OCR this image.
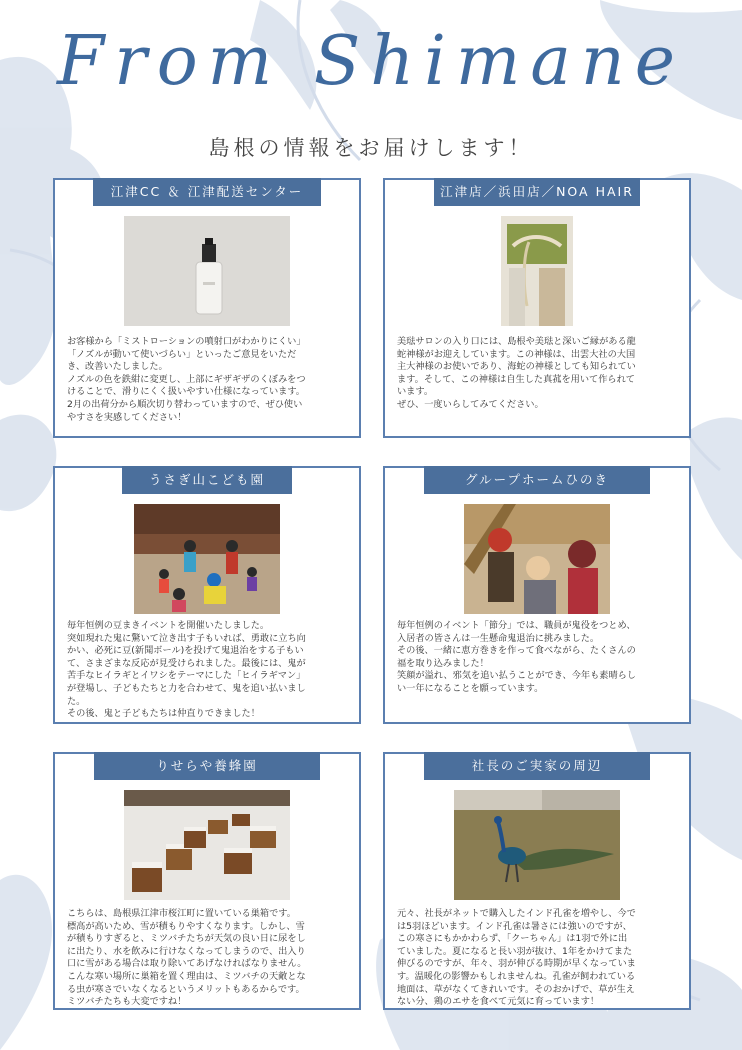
From Shimane
島根の情報をお届けします！
江津CC ＆ 江津配送センター

お客様から「ミストローションの噴射口がわかりにくい」

「ノズルが動いて使いづらい」といったご意見をいただ

き、改善いたしました。

ノズルの色を鉄紺に変更し、上部にギザギザのくぼみをつ

けることで、滑りにくく扱いやすい仕様になっています。

2月の出荷分から順次切り替わっていますので、ぜひ使い

やすさを実感してください！

江津店／浜田店／NOA HAIR

美琺サロンの入り口には、島根や美琺と深いご縁がある龍

蛇神様がお迎えしています。この神様は、出雲大社の大国

主大神様のお使いであり、海蛇の神様としても知られてい

ます。そして、この神様は自生した真菰を用いて作られて

います。

ぜひ、一度いらしてみてください。

うさぎ山こども園

毎年恒例の豆まきイベントを開催いたしました。

突如現れた鬼に驚いて泣き出す子もいれば、勇敢に立ち向

かい、必死に豆(新聞ボール)を投げて鬼退治をする子もい

て、さまざまな反応が見受けられました。最後には、鬼が

苦手なヒイラギとイワシをテーマにした「ヒイラギマン」

が登場し、子どもたちと力を合わせて、鬼を追い払いまし

た。

その後、鬼と子どもたちは仲直りできました！

グループホームひのき

毎年恒例のイベント「節分」では、職員が鬼役をつとめ、

入居者の皆さんは一生懸命鬼退治に挑みました。

その後、一緒に恵方巻きを作って食べながら、たくさんの

福を取り込みました！

笑顔が溢れ、邪気を追い払うことができ、今年も素晴らし

い一年になることを願っています。

りせらや養蜂園

こちらは、島根県江津市桜江町に置いている巣箱です。

標高が高いため、雪が積もりやすくなります。しかし、雪

が積もりすぎると、ミツバチたちが天気の良い日に尿をし

に出たり、水を飲みに行けなくなってしまうので、出入り

口に雪がある場合は取り除いてあげなければなりません。

こんな寒い場所に巣箱を置く理由は、ミツバチの天敵とな

る虫が寒さでいなくなるというメリットもあるからです。

ミツバチたちも大変ですね！

社長のご実家の周辺

元々、社長がネットで購入したインド孔雀を増やし、今で

は5羽ほどいます。インド孔雀は暑さには強いのですが、

この寒さにもかかわらず、「クーちゃん」は1羽で外に出

ていました。夏になると長い羽が抜け、1年をかけてまた

伸びるのですが、年々、羽が伸びる時期が早くなっていま

す。温暖化の影響かもしれませんね。孔雀が飼われている

地面は、草がなくてきれいです。そのおかげで、草が生え

ない分、鶏のエサを食べて元気に育っています！
